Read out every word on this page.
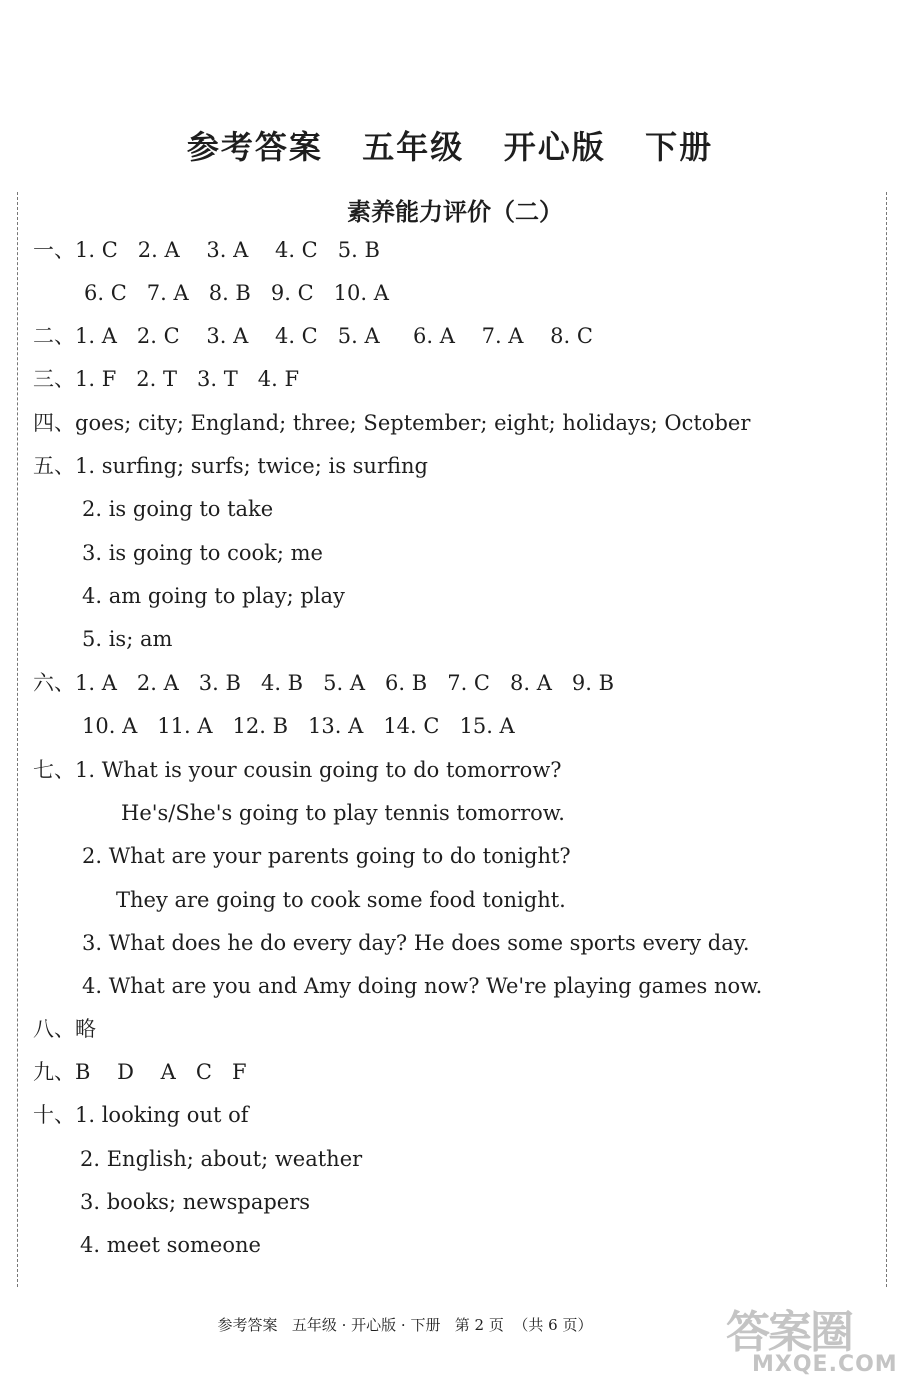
参考答案   五年级   开心版   下册
素养能力评价（二）
一、1. C   2. A    3. A    4. C   5. B
6. C   7. A   8. B   9. C   10. A
二、1. A   2. C    3. A    4. C   5. A     6. A    7. A    8. C
三、1. F   2. T   3. T   4. F
四、goes; city; England; three; September; eight; holidays; October
五、1. surfing; surfs; twice; is surfing
2. is going to take
3. is going to cook; me
4. am going to play; play
5. is; am
六、1. A   2. A   3. B   4. B   5. A   6. B   7. C   8. A   9. B
10. A   11. A   12. B   13. A   14. C   15. A
七、1. What is your cousin going to do tomorrow?
He's/She's going to play tennis tomorrow.
2. What are your parents going to do tonight?
They are going to cook some food tonight.
3. What does he do every day? He does some sports every day.
4. What are you and Amy doing now? We're playing games now.
八、略
九、B    D    A   C   F
十、1. looking out of
2. English; about; weather
3. books; newspapers
4. meet someone
参考答案   五年级 · 开心版 · 下册   第 2 页  （共 6 页）	答案圈
MXQE.COM
